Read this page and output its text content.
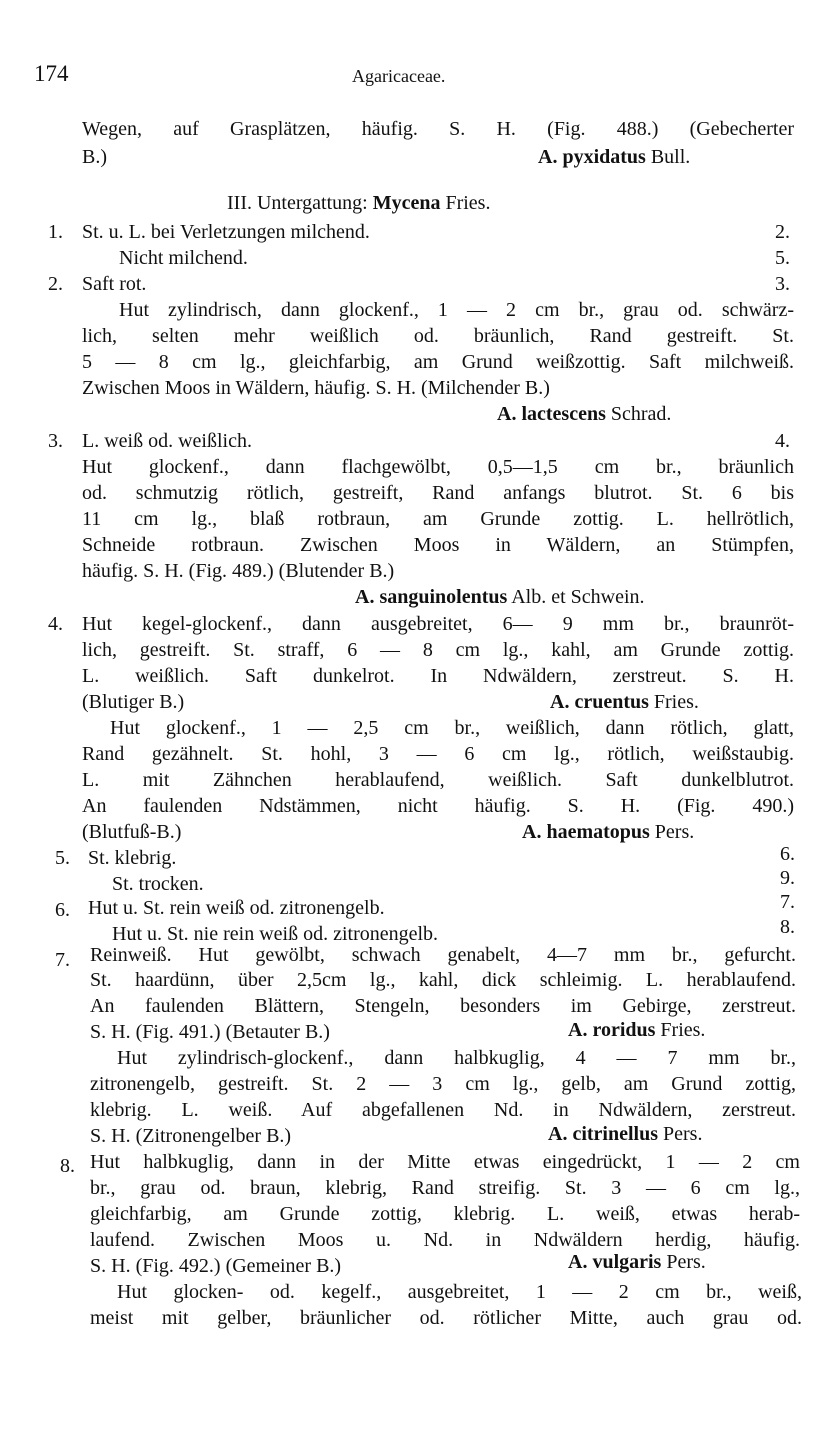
174	Agaricaceae.
Wegen, auf Grasplätzen, häufig. S. H. (Fig. 488.) (Gebecherter
B.)	A. pyxidatus Bull.
III. Untergattung: Mycena Fries.
1. St. u. L. bei Verletzungen milchend.	2.
Nicht milchend.	5.
2. Saft rot.	3.
Hut zylindrisch, dann glockenf., 1 — 2 cm br., grau od. schwärz-
lich, selten mehr weißlich od. bräunlich, Rand gestreift. St.
5 — 8 cm lg., gleichfarbig, am Grund weißzottig. Saft milchweiß.
Zwischen Moos in Wäldern, häufig. S. H. (Milchender B.)
A. lactescens Schrad.
3. L. weiß od. weißlich.	4.
Hut glockenf., dann flachgewölbt, 0,5—1,5 cm br., bräunlich
od. schmutzig rötlich, gestreift, Rand anfangs blutrot. St. 6 bis
11 cm lg., blaß rotbraun, am Grunde zottig. L. hellrötlich,
Schneide rotbraun. Zwischen Moos in Wäldern, an Stümpfen,
häufig. S. H. (Fig. 489.) (Blutender B.)
A. sanguinolentus Alb. et Schwein.
4. Hut kegel-glockenf., dann ausgebreitet, 6— 9 mm br., braunröt-
lich, gestreift. St. straff, 6 — 8 cm lg., kahl, am Grunde zottig.
L. weißlich. Saft dunkelrot. In Ndwäldern, zerstreut. S. H.
(Blutiger B.)	A. cruentus Fries.
Hut glockenf., 1 — 2,5 cm br., weißlich, dann rötlich, glatt,
Rand gezähnelt. St. hohl, 3 — 6 cm lg., rötlich, weißstaubig.
L. mit Zähnchen herablaufend, weißlich. Saft dunkelblutrot.
An faulenden Ndstämmen, nicht häufig. S. H. (Fig. 490.)
(Blutfuß-B.)	A. haematopus Pers.
5. St. klebrig.	6.
St. trocken.	9.
6. Hut u. St. rein weiß od. zitronengelb.	7.
Hut u. St. nie rein weiß od. zitronengelb.	8.
7. Reinweiß. Hut gewölbt, schwach genabelt, 4—7 mm br., gefurcht.
St. haardünn, über 2,5cm lg., kahl, dick schleimig. L. herablaufend.
An faulenden Blättern, Stengeln, besonders im Gebirge, zerstreut.
S. H. (Fig. 491.) (Betauter B.)	A. roridus Fries.
Hut zylindrisch-glockenf., dann halbkuglig, 4 — 7 mm br.,
zitronengelb, gestreift. St. 2 — 3 cm lg., gelb, am Grund zottig,
klebrig. L. weiß. Auf abgefallenen Nd. in Ndwäldern, zerstreut.
S. H. (Zitronengelber B.)	A. citrinellus Pers.
8. Hut halbkuglig, dann in der Mitte etwas eingedrückt, 1 — 2 cm
br., grau od. braun, klebrig, Rand streifig. St. 3 — 6 cm lg.,
gleichfarbig, am Grunde zottig, klebrig. L. weiß, etwas herab-
laufend. Zwischen Moos u. Nd. in Ndwäldern herdig, häufig.
S. H. (Fig. 492.) (Gemeiner B.)	A. vulgaris Pers.
Hut glocken- od. kegelf., ausgebreitet, 1 — 2 cm br., weiß,
meist mit gelber, bräunlicher od. rötlicher Mitte, auch grau od.
